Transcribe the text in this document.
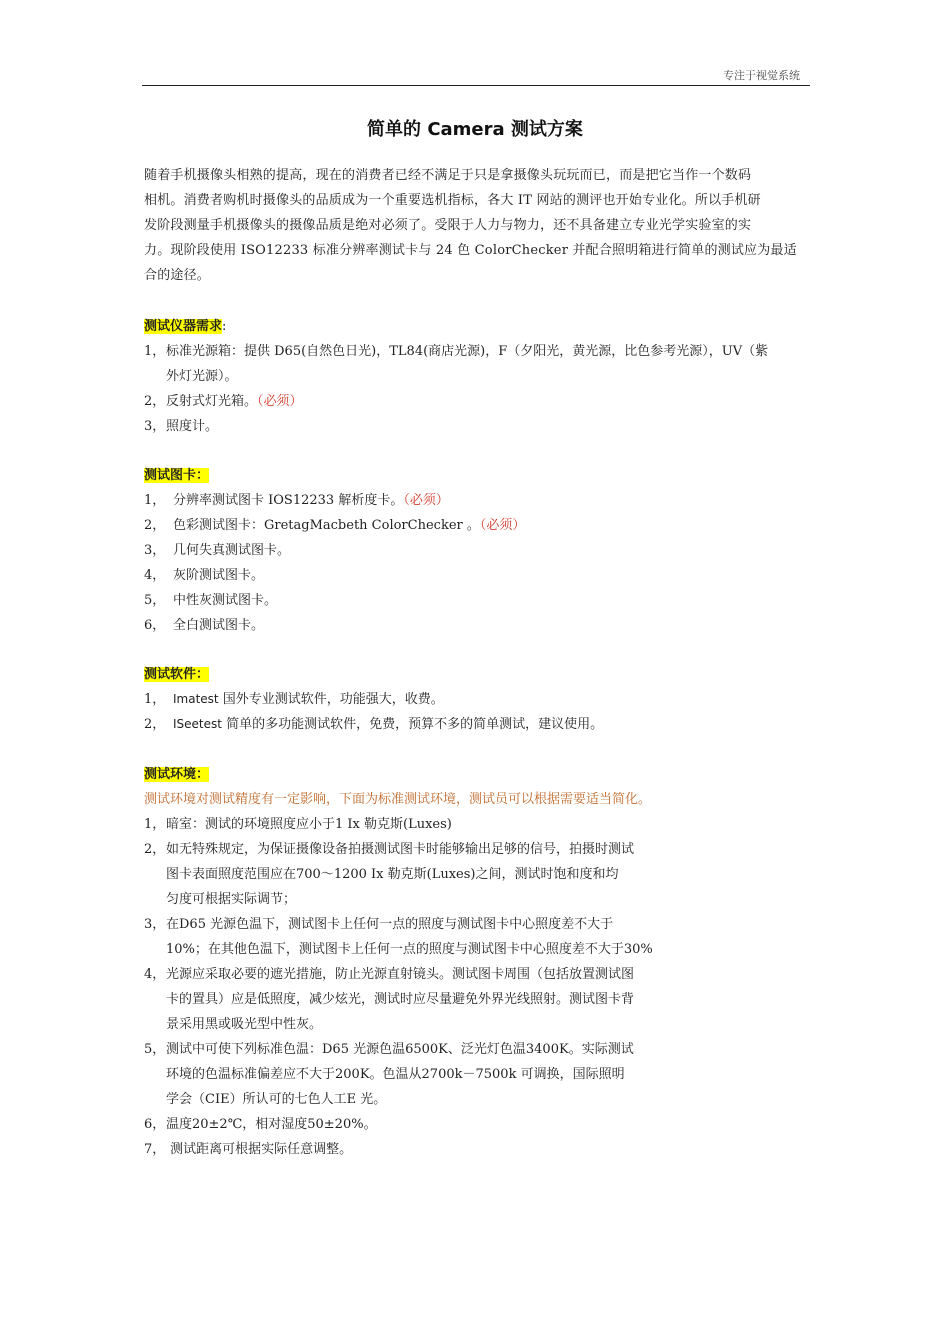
专注于视觉系统
简单的 Camera 测试方案
随着手机摄像头相熟的提高，现在的消费者已经不满足于只是拿摄像头玩玩而已，而是把它当作一个数码
相机。消费者购机时摄像头的品质成为一个重要选机指标，各大 IT 网站的测评也开始专业化。所以手机研
发阶段测量手机摄像头的摄像品质是绝对必须了。受限于人力与物力，还不具备建立专业光学实验室的实
力。现阶段使用 ISO12233 标准分辨率测试卡与 24 色 ColorChecker 并配合照明箱进行简单的测试应为最适
合的途径。
测试仪器需求:
1，标准光源箱：提供 D65(自然色日光)，TL84(商店光源)，F（夕阳光，黄光源，比色参考光源），UV（紫
外灯光源）。
2，反射式灯光箱。（必须）
3，照度计。
测试图卡：
1， 分辨率测试图卡 IOS12233 解析度卡。（必须）
2， 色彩测试图卡：GretagMacbeth ColorChecker 。（必须）
3， 几何失真测试图卡。
4， 灰阶测试图卡。
5， 中性灰测试图卡。
6， 全白测试图卡。
测试软件：
1， Imatest 国外专业测试软件，功能强大，收费。
2， ISeetest 简单的多功能测试软件，免费，预算不多的简单测试，建议使用。
测试环境：
测试环境对测试精度有一定影响，下面为标准测试环境，测试员可以根据需要适当简化。
1，暗室：测试的环境照度应小于1 Ix 勒克斯(Luxes)
2，如无特殊规定，为保证摄像设备拍摄测试图卡时能够输出足够的信号，拍摄时测试
图卡表面照度范围应在700～1200 Ix 勒克斯(Luxes)之间，测试时饱和度和均
匀度可根据实际调节；
3，在D65 光源色温下，测试图卡上任何一点的照度与测试图卡中心照度差不大于
10%；在其他色温下，测试图卡上任何一点的照度与测试图卡中心照度差不大于30%
4，光源应采取必要的遮光措施，防止光源直射镜头。测试图卡周围（包括放置测试图
卡的置具）应是低照度，减少炫光，测试时应尽量避免外界光线照射。测试图卡背
景采用黑或吸光型中性灰。
5，测试中可使下列标准色温：D65 光源色温6500K、泛光灯色温3400K。实际测试
环境的色温标准偏差应不大于200K。色温从2700k－7500k 可调换，国际照明
学会（CIE）所认可的七色人工E 光。
6，温度20±2℃，相对湿度50±20%。
7， 测试距离可根据实际任意调整。
